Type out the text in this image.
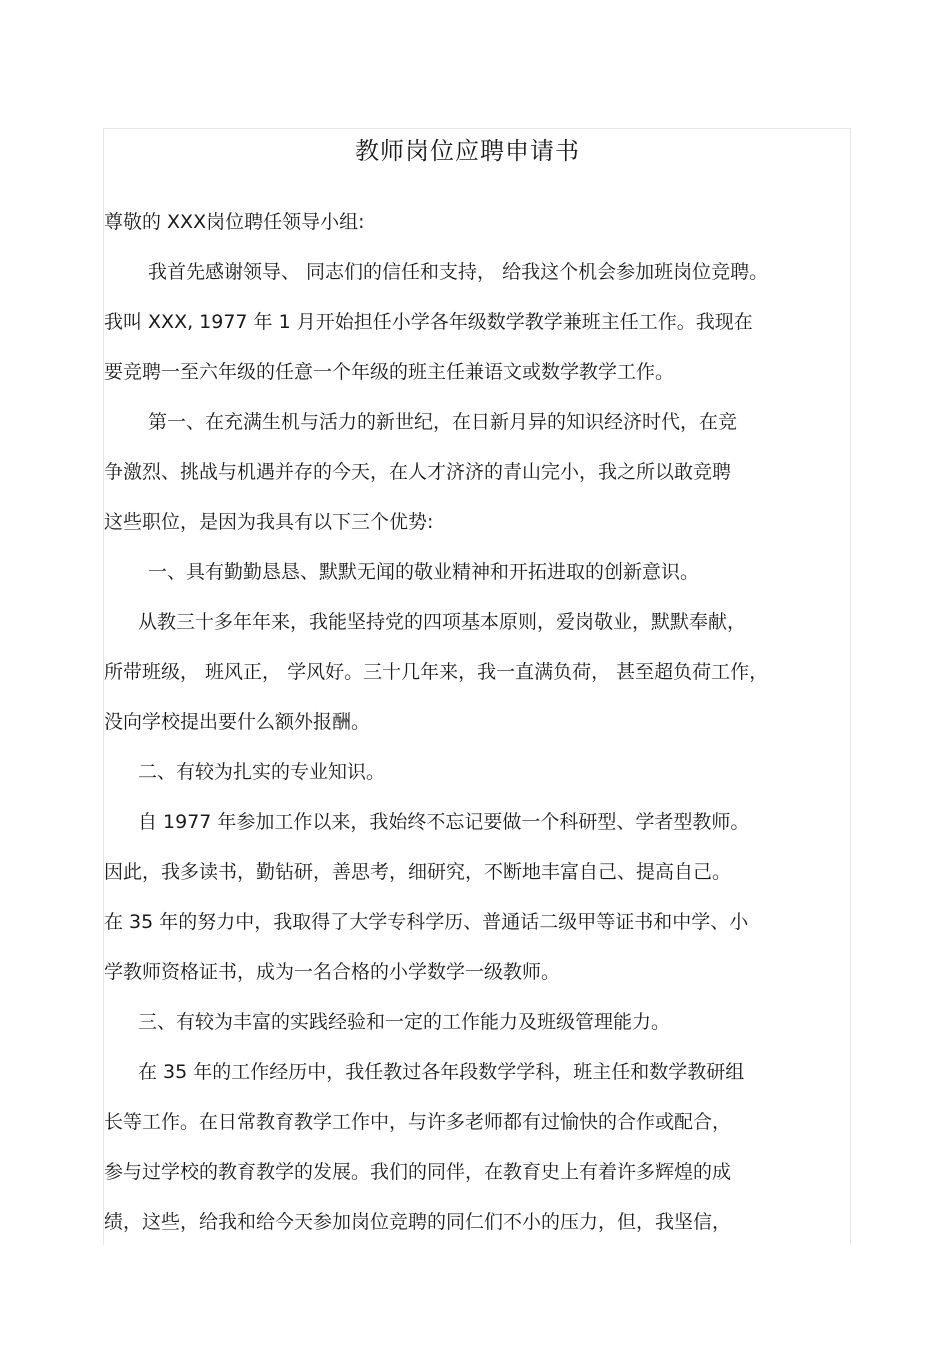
教师岗位应聘申请书
尊敬的 XXX岗位聘任领导小组:
我首先感谢领导、 同志们的信任和支持， 给我这个机会参加班岗位竞聘。
我叫 XXX, 1977 年 1 月开始担任小学各年级数学教学兼班主任工作。我现在
要竞聘一至六年级的任意一个年级的班主任兼语文或数学教学工作。
第一、在充满生机与活力的新世纪，在日新月异的知识经济时代，在竞
争激烈、挑战与机遇并存的今天，在人才济济的青山完小，我之所以敢竞聘
这些职位，是因为我具有以下三个优势:
一、具有勤勤恳恳、默默无闻的敬业精神和开拓进取的创新意识。
从教三十多年年来，我能坚持党的四项基本原则，爱岗敬业，默默奉献，
所带班级， 班风正， 学风好。三十几年来，我一直满负荷， 甚至超负荷工作，
没向学校提出要什么额外报酬。
二、有较为扎实的专业知识。
自 1977 年参加工作以来，我始终不忘记要做一个科研型、学者型教师。
因此，我多读书，勤钻研，善思考，细研究，不断地丰富自己、提高自己。
在 35 年的努力中，我取得了大学专科学历、普通话二级甲等证书和中学、小
学教师资格证书，成为一名合格的小学数学一级教师。
三、有较为丰富的实践经验和一定的工作能力及班级管理能力。
在 35 年的工作经历中，我任教过各年段数学学科，班主任和数学教研组
长等工作。在日常教育教学工作中，与许多老师都有过愉快的合作或配合，
参与过学校的教育教学的发展。我们的同伴，在教育史上有着许多辉煌的成
绩，这些，给我和给今天参加岗位竞聘的同仁们不小的压力，但，我坚信，
